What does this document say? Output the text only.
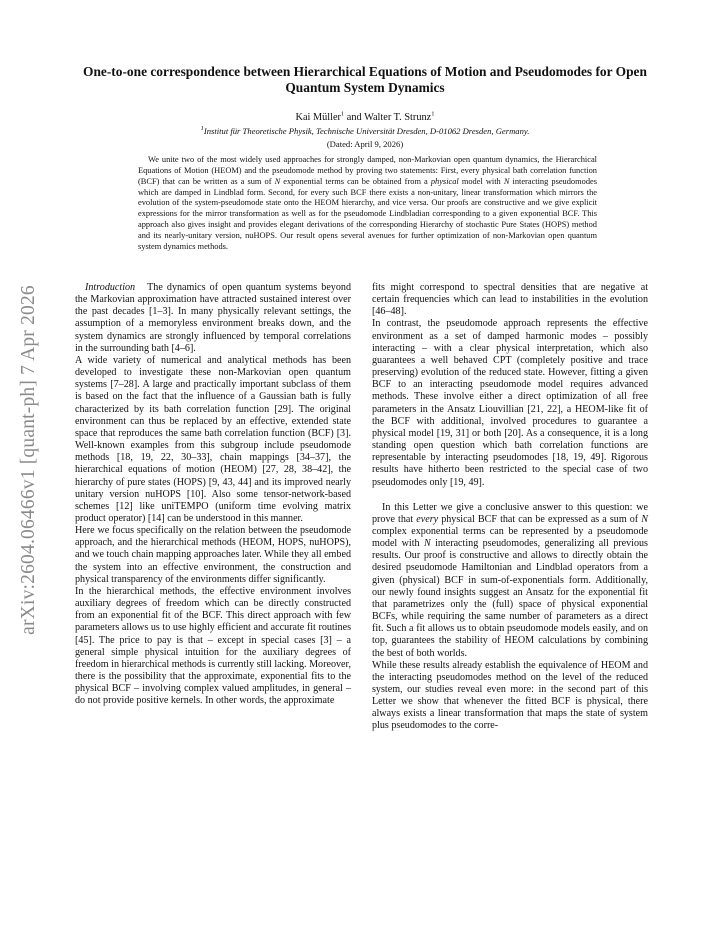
arXiv:2604.06466v1 [quant-ph] 7 Apr 2026
One-to-one correspondence between Hierarchical Equations of Motion and Pseudomodes for Open Quantum System Dynamics
Kai Müller$^1$ and Walter T. Strunz$^1$
$^1$Institut für Theoretische Physik, Technische Universität Dresden, D-01062 Dresden, Germany.
(Dated: April 9, 2026)

We unite two of the most widely used approaches for strongly damped, non-Markovian open quantum dynamics, the Hierarchical Equations of Motion (HEOM) and the pseudomode method by proving two statements: First, every physical bath correlation function (BCF) that can be written as a sum of N exponential terms can be obtained from a physical model with N interacting pseudomodes which are damped in Lindblad form. Second, for every such BCF there exists a non-unitary, linear transformation which mirrors the evolution of the system-pseudomode state onto the HEOM hierarchy, and vice versa. Our proofs are constructive and we give explicit expressions for the mirror transformation as well as for the pseudomode Lindbladian corresponding to a given exponential BCF. This approach also gives insight and provides elegant derivations of the corresponding Hierarchy of stochastic Pure States (HOPS) method and its nearly-unitary version, nuHOPS. Our result opens several avenues for further optimization of non-Markovian open quantum system dynamics methods.

Introduction The dynamics of open quantum systems beyond the Markovian approximation have attracted sustained interest over the past decades [1–3]. In many physically relevant settings, the assumption of a memoryless environment breaks down, and the system dynamics are strongly influenced by temporal correlations in the surrounding bath [4–6].

A wide variety of numerical and analytical methods has been developed to investigate these non-Markovian open quantum systems [7–28]. A large and practically important subclass of them is based on the fact that the influence of a Gaussian bath is fully characterized by its bath correlation function [29]. The original environment can thus be replaced by an effective, extended state space that reproduces the same bath correlation function (BCF) [3]. Well-known examples from this subgroup include pseudomode methods [18, 19, 22, 30–33], chain mappings [34–37], the hierarchical equations of motion (HEOM) [27, 28, 38–42], the hierarchy of pure states (HOPS) [9, 43, 44] and its improved nearly unitary version nuHOPS [10]. Also some tensor-network-based schemes [12] like uniTEMPO (uniform time evolving matrix product operator) [14] can be understood in this manner.

Here we focus specifically on the relation between the pseudomode approach, and the hierarchical methods (HEOM, HOPS, nuHOPS), and we touch chain mapping approaches later. While they all embed the system into an effective environment, the construction and physical transparency of the environments differ significantly.

In the hierarchical methods, the effective environment involves auxiliary degrees of freedom which can be directly constructed from an exponential fit of the BCF. This direct approach with few parameters allows us to use highly efficient and accurate fit routines [45]. The price to pay is that – except in special cases [3] – a general simple physical intuition for the auxiliary degrees of freedom in hierarchical methods is currently still lacking. Moreover, there is the possibility that the approximate, exponential fits to the physical BCF – involving complex valued amplitudes, in general – do not provide positive kernels. In other words, the approximate

fits might correspond to spectral densities that are negative at certain frequencies which can lead to instabilities in the evolution [46–48].

In contrast, the pseudomode approach represents the effective environment as a set of damped harmonic modes – possibly interacting – with a clear physical interpretation, which also guarantees a well behaved CPT (completely positive and trace preserving) evolution of the reduced state. However, fitting a given BCF to an interacting pseudomode model requires advanced methods. These involve either a direct optimization of all free parameters in the Ansatz Liouvillian [21, 22], a HEOM-like fit of the BCF with additional, involved procedures to guarantee a physical model [19, 31] or both [20]. As a consequence, it is a long standing open question which bath correlation functions are representable by interacting pseudomodes [18, 19, 49]. Rigorous results have hitherto been restricted to the special case of two pseudomodes only [19, 49].

In this Letter we give a conclusive answer to this question: we prove that every physical BCF that can be expressed as a sum of N complex exponential terms can be represented by a pseudomode model with N interacting pseudomodes, generalizing all previous results. Our proof is constructive and allows to directly obtain the desired pseudomode Hamiltonian and Lindblad operators from a given (physical) BCF in sum-of-exponentials form. Additionally, our newly found insights suggest an Ansatz for the exponential fit that parametrizes only the (full) space of physical exponential BCFs, while requiring the same number of parameters as a direct fit. Such a fit allows us to obtain pseudomode models easily, and on top, guarantees the stability of HEOM calculations by combining the best of both worlds.

While these results already establish the equivalence of HEOM and the interacting pseudomodes method on the level of the reduced system, our studies reveal even more: in the second part of this Letter we show that whenever the fitted BCF is physical, there always exists a linear transformation that maps the state of system plus pseudomodes to the corre-
